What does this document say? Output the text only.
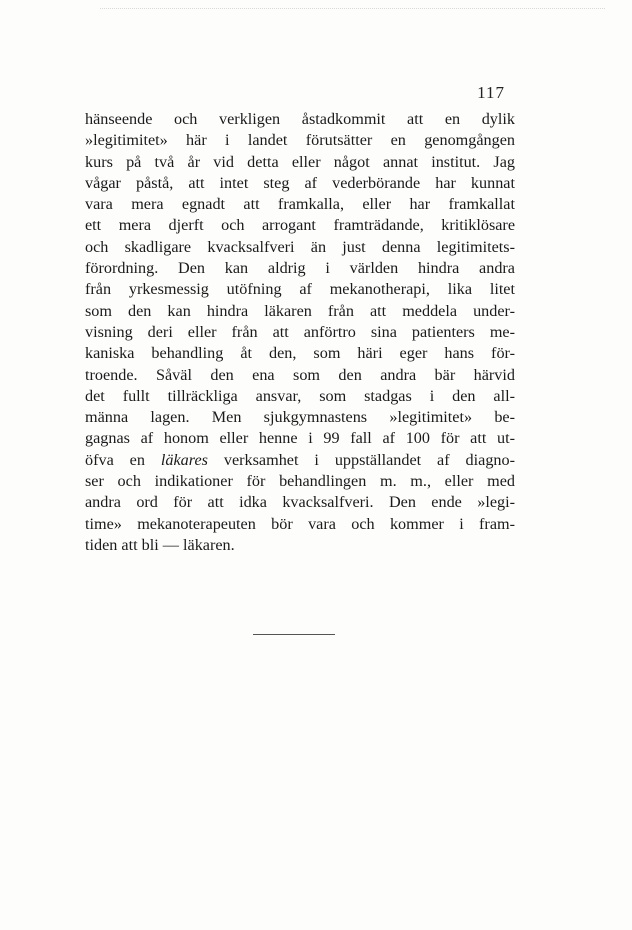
117
hänseende och verkligen åstadkommit att en dylik
»legitimitet» här i landet förutsätter en genomgången
kurs på två år vid detta eller något annat institut. Jag
vågar påstå, att intet steg af vederbörande har kunnat
vara mera egnadt att framkalla, eller har framkallat
ett mera djerft och arrogant framträdande, kritiklösare
och skadligare kvacksalfveri än just denna legitimitets-
förordning. Den kan aldrig i världen hindra andra
från yrkesmessig utöfning af mekanotherapi, lika litet
som den kan hindra läkaren från att meddela under-
visning deri eller från att anförtro sina patienters me-
kaniska behandling åt den, som häri eger hans för-
troende. Såväl den ena som den andra bär härvid
det fullt tillräckliga ansvar, som stadgas i den all-
männa lagen. Men sjukgymnastens »legitimitet» be-
gagnas af honom eller henne i 99 fall af 100 för att ut-
öfva en läkares verksamhet i uppställandet af diagno-
ser och indikationer för behandlingen m. m., eller med
andra ord för att idka kvacksalfveri. Den ende »legi-
time» mekanoterapeuten bör vara och kommer i fram-
tiden att bli — läkaren.
